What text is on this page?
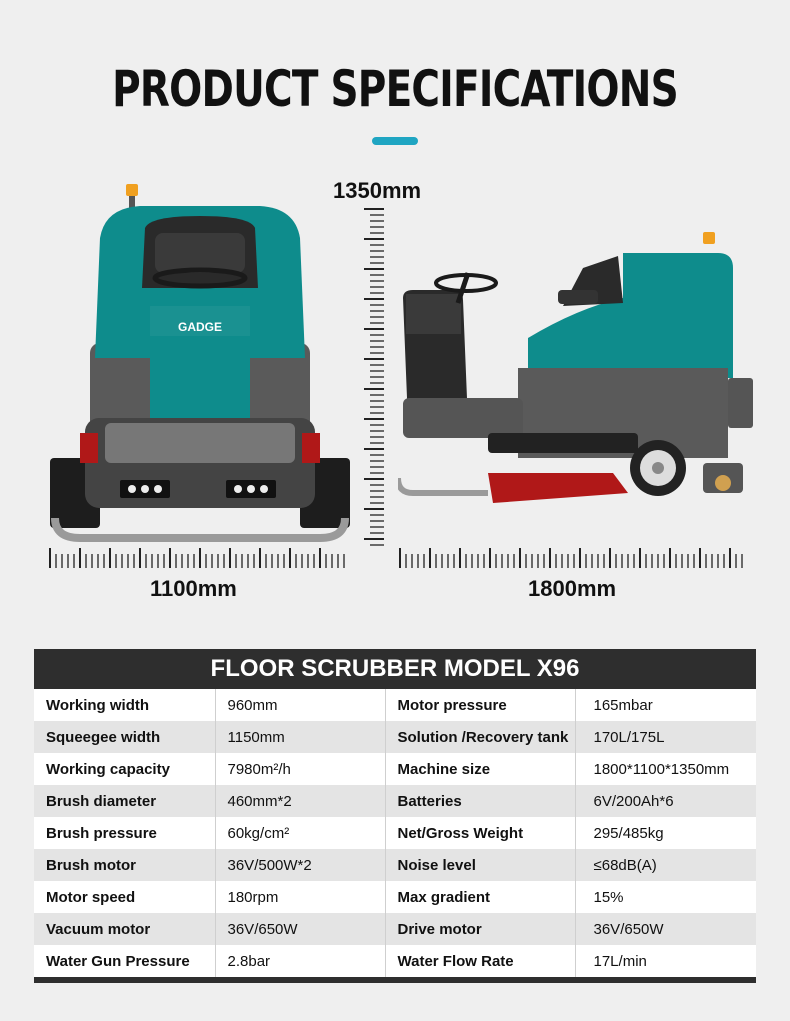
PRODUCT SPECIFICATIONS
1350mm
GADGE
1100mm	1800mm
FLOOR SCRUBBER MODEL X96
Working width	960mm	Motor pressure	165mbar
Squeegee width	1150mm	Solution /Recovery tank	170L/175L
Working capacity	7980m²/h	Machine size	1800*1100*1350mm
Brush diameter	460mm*2	Batteries	6V/200Ah*6
Brush pressure	60kg/cm²	Net/Gross Weight	295/485kg
Brush motor	36V/500W*2	Noise level	≤68dB(A)
Motor speed	180rpm	Max gradient	15%
Vacuum motor	36V/650W	Drive motor	36V/650W
Water Gun Pressure	2.8bar	Water Flow Rate	17L/min
